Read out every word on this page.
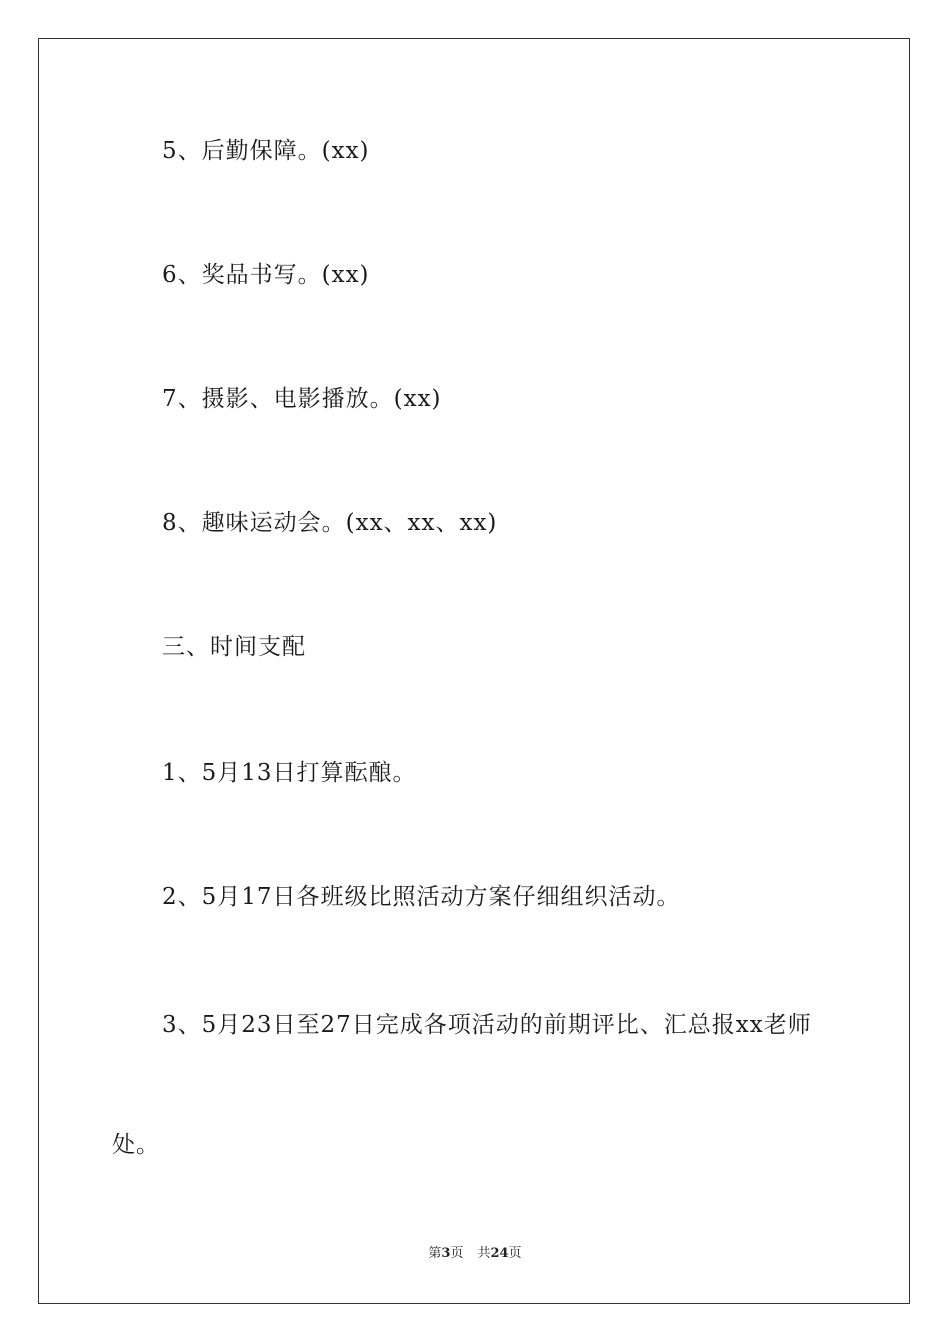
5、后勤保障。(xx)
6、奖品书写。(xx)
7、摄影、电影播放。(xx)
8、趣味运动会。(xx、xx、xx)
三、时间支配
1、5月13日打算酝酿。
2、5月17日各班级比照活动方案仔细组织活动。
3、5月23日至27日完成各项活动的前期评比、汇总报xx老师
处。
第3页 共24页
